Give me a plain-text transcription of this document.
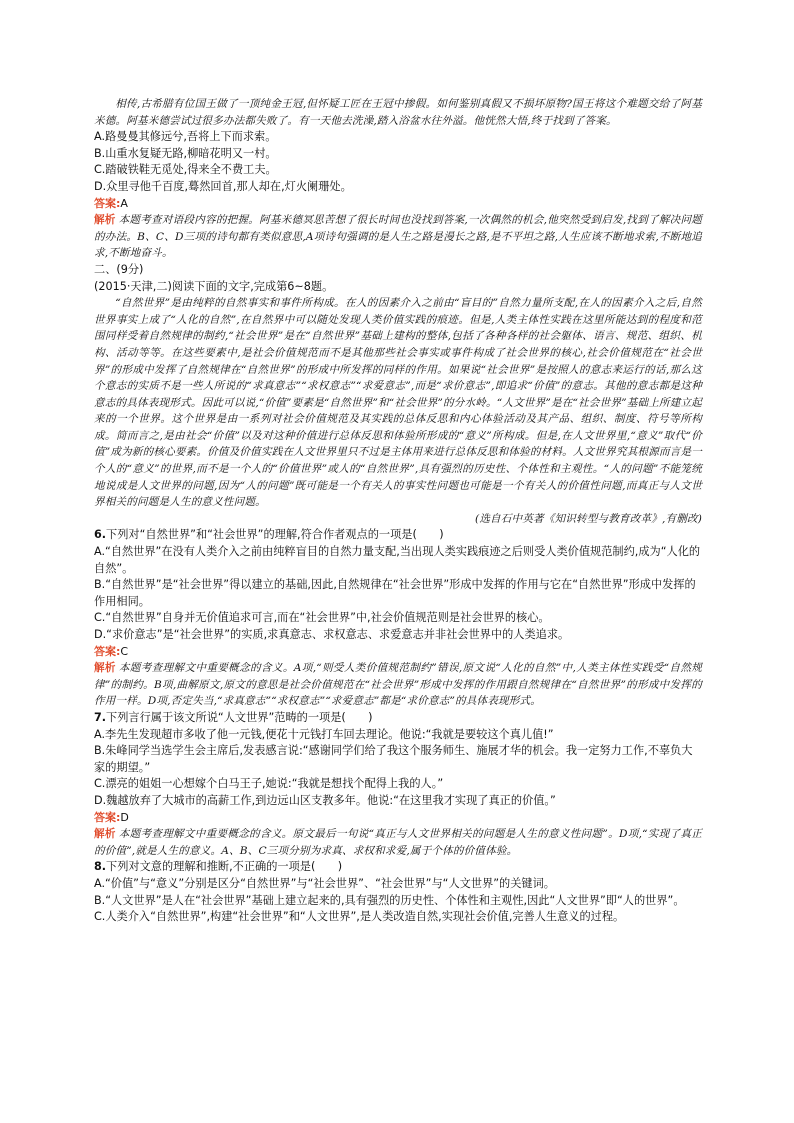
相传,古希腊有位国王做了一顶纯金王冠,但怀疑工匠在王冠中掺假。如何鉴别真假又不损坏原物?国王将这个难题交给了阿基米德。阿基米德尝试过很多办法都失败了。有一天他去洗澡,踏入浴盆水往外溢。他恍然大悟,终于找到了答案。

A.路曼曼其修远兮,吾将上下而求索。

B.山重水复疑无路,柳暗花明又一村。

C.踏破铁鞋无觅处,得来全不费工夫。

D.众里寻他千百度,蓦然回首,那人却在,灯火阑珊处。

答案:A

解析 本题考查对语段内容的把握。阿基米德冥思苦想了很长时间也没找到答案,一次偶然的机会,他突然受到启发,找到了解决问题的办法。B、C、D三项的诗句都有类似意思,A项诗句强调的是人生之路是漫长之路,是不平坦之路,人生应该不断地求索,不断地追求,不断地奋斗。

二、(9分)

(2015·天津,二)阅读下面的文字,完成第6~8题。

“自然世界”是由纯粹的自然事实和事件所构成。在人的因素介入之前由“盲目的”自然力量所支配,在人的因素介入之后,自然世界事实上成了“人化的自然”,在自然界中可以随处发现人类价值实践的痕迹。但是,人类主体性实践在这里所能达到的程度和范围同样受着自然规律的制约,“社会世界”是在“自然世界”基础上建构的整体,包括了各种各样的社会躯体、语言、规范、组织、机构、活动等等。在这些要素中,是社会价值规范而不是其他那些社会事实或事件构成了社会世界的核心,社会价值规范在“社会世界”的形成中发挥了自然规律在“自然世界”的形成中所发挥的同样的作用。如果说“社会世界”是按照人的意志来运行的话,那么这个意志的实质不是一些人所说的“求真意志”“求权意志”“求爱意志”,而是“求价意志”,即追求“价值”的意志。其他的意志都是这种意志的具体表现形式。因此可以说,“价值”要素是“自然世界”和“社会世界”的分水岭。“人文世界”是在“社会世界”基础上所建立起来的一个世界。这个世界是由一系列对社会价值规范及其实践的总体反思和内心体验活动及其产品、组织、制度、符号等所构成。简而言之,是由社会“价值”以及对这种价值进行总体反思和体验所形成的“意义”所构成。但是,在人文世界里,“意义”取代“价值”成为新的核心要素。价值及价值实践在人文世界里只不过是主体用来进行总体反思和体验的材料。人文世界究其根源而言是一个人的“意义”的世界,而不是一个人的“价值世界”或人的“自然世界”,具有强烈的历史性、个体性和主观性。“人的问题”不能笼统地说成是人文世界的问题,因为“人的问题”既可能是一个有关人的事实性问题也可能是一个有关人的价值性问题,而真正与人文世界相关的问题是人生的意义性问题。

(选自石中英著《知识转型与教育改革》,有删改)

6.下列对“自然世界”和“社会世界”的理解,符合作者观点的一项是(　　)

A.“自然世界”在没有人类介入之前由纯粹盲目的自然力量支配,当出现人类实践痕迹之后则受人类价值规范制约,成为“人化的自然”。

B.“自然世界”是“社会世界”得以建立的基础,因此,自然规律在“社会世界”形成中发挥的作用与它在“自然世界”形成中发挥的作用相同。

C.“自然世界”自身并无价值追求可言,而在“社会世界”中,社会价值规范则是社会世界的核心。

D.“求价意志”是“社会世界”的实质,求真意志、求权意志、求爱意志并非社会世界中的人类追求。

答案:C

解析 本题考查理解文中重要概念的含义。A项,“则受人类价值规范制约”错误,原文说“人化的自然”中,人类主体性实践受“自然规律”的制约。B项,曲解原文,原文的意思是社会价值规范在“社会世界”形成中发挥的作用跟自然规律在“自然世界”的形成中发挥的作用一样。D项,否定失当,“求真意志”“求权意志”“求爱意志”都是“求价意志”的具体表现形式。

7.下列言行属于该文所说“人文世界”范畴的一项是(　　)

A.李先生发现超市多收了他一元钱,便花十元钱打车回去理论。他说:“我就是要较这个真儿值!”

B.朱峰同学当选学生会主席后,发表感言说:“感谢同学们给了我这个服务师生、施展才华的机会。我一定努力工作,不辜负大家的期望。”

C.漂亮的姐姐一心想嫁个白马王子,她说:“我就是想找个配得上我的人。”

D.魏越放弃了大城市的高薪工作,到边远山区支教多年。他说:“在这里我才实现了真正的价值。”

答案:D

解析 本题考查理解文中重要概念的含义。原文最后一句说“真正与人文世界相关的问题是人生的意义性问题”。D项,“实现了真正的价值”,就是人生的意义。A、B、C三项分别为求真、求权和求爱,属于个体的价值体验。

8.下列对文意的理解和推断,不正确的一项是(　　)

A.“价值”与“意义”分别是区分“自然世界”与“社会世界”、“社会世界”与“人文世界”的关键词。

B.“人文世界”是人在“社会世界”基础上建立起来的,具有强烈的历史性、个体性和主观性,因此“人文世界”即“人的世界”。

C.人类介入“自然世界”,构建“社会世界”和“人文世界”,是人类改造自然,实现社会价值,完善人生意义的过程。
